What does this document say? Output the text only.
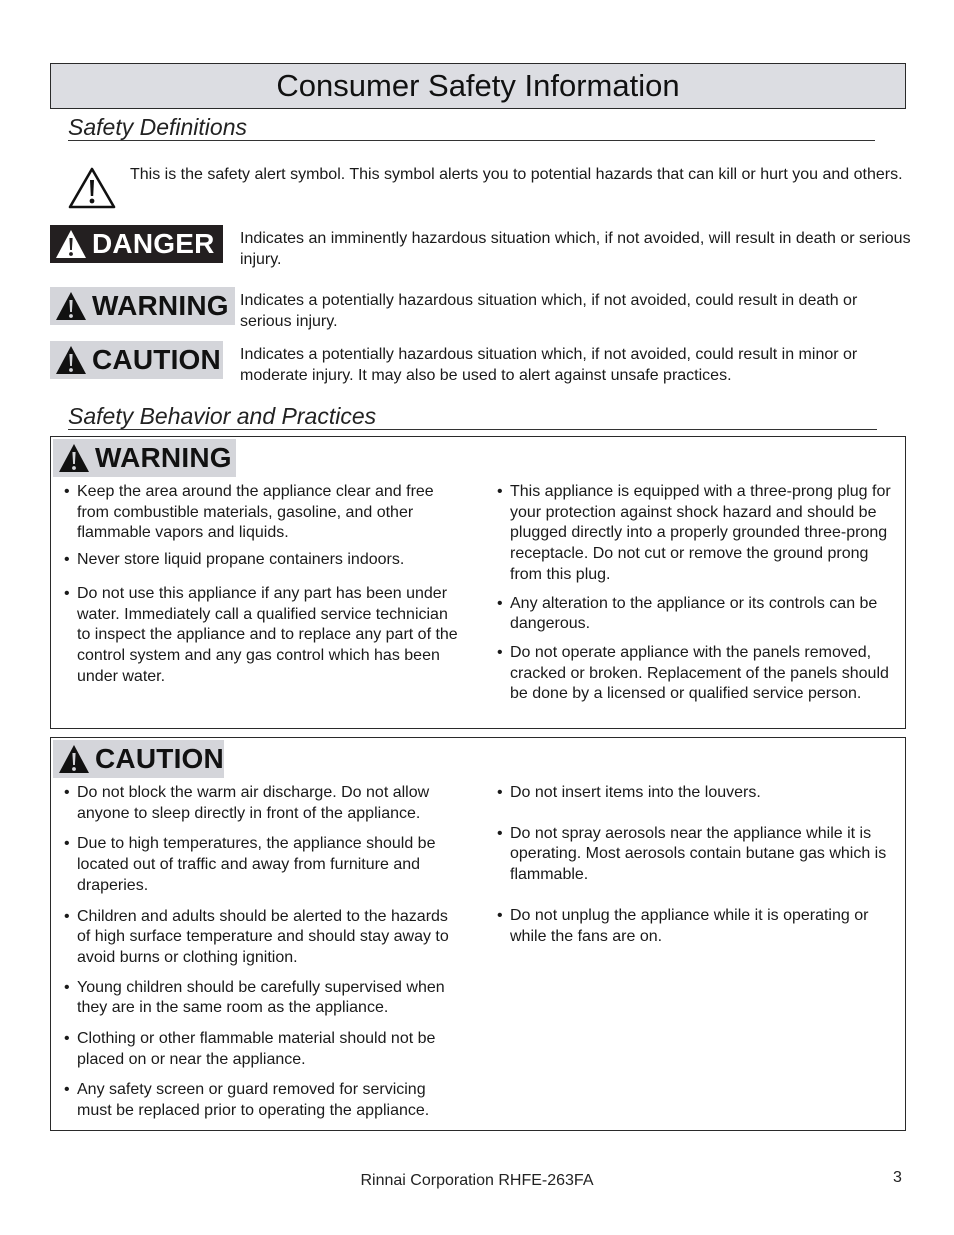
Consumer Safety Information
Safety Definitions
This is the safety alert symbol. This symbol alerts you to potential hazards that can kill or hurt you and others.
DANGER Indicates an imminently hazardous situation which, if not avoided, will result in death or serious injury.
WARNING Indicates a potentially hazardous situation which, if not avoided, could result in death or serious injury.
CAUTION Indicates a potentially hazardous situation which, if not avoided, could result in minor or moderate injury. It may also be used to alert against unsafe practices.
Safety Behavior and Practices
WARNING
• Keep the area around the appliance clear and free from combustible materials, gasoline, and other flammable vapors and liquids.
• Never store liquid propane containers indoors.
• Do not use this appliance if any part has been under water. Immediately call a qualified service technician to inspect the appliance and to replace any part of the control system and any gas control which has been under water.
• This appliance is equipped with a three-prong plug for your protection against shock hazard and should be plugged directly into a properly grounded three-prong receptacle. Do not cut or remove the ground prong from this plug.
• Any alteration to the appliance or its controls can be dangerous.
• Do not operate appliance with the panels removed, cracked or broken. Replacement of the panels should be done by a licensed or qualified service person.
CAUTION
• Do not block the warm air discharge. Do not allow anyone to sleep directly in front of the appliance.
• Due to high temperatures, the appliance should be located out of traffic and away from furniture and draperies.
• Children and adults should be alerted to the hazards of high surface temperature and should stay away to avoid burns or clothing ignition.
• Young children should be carefully supervised when they are in the same room as the appliance.
• Clothing or other flammable material should not be placed on or near the appliance.
• Any safety screen or guard removed for servicing must be replaced prior to operating the appliance.
• Do not insert items into the louvers.
• Do not spray aerosols near the appliance while it is operating. Most aerosols contain butane gas which is flammable.
• Do not unplug the appliance while it is operating or while the fans are on.
Rinnai Corporation RHFE-263FA	3
